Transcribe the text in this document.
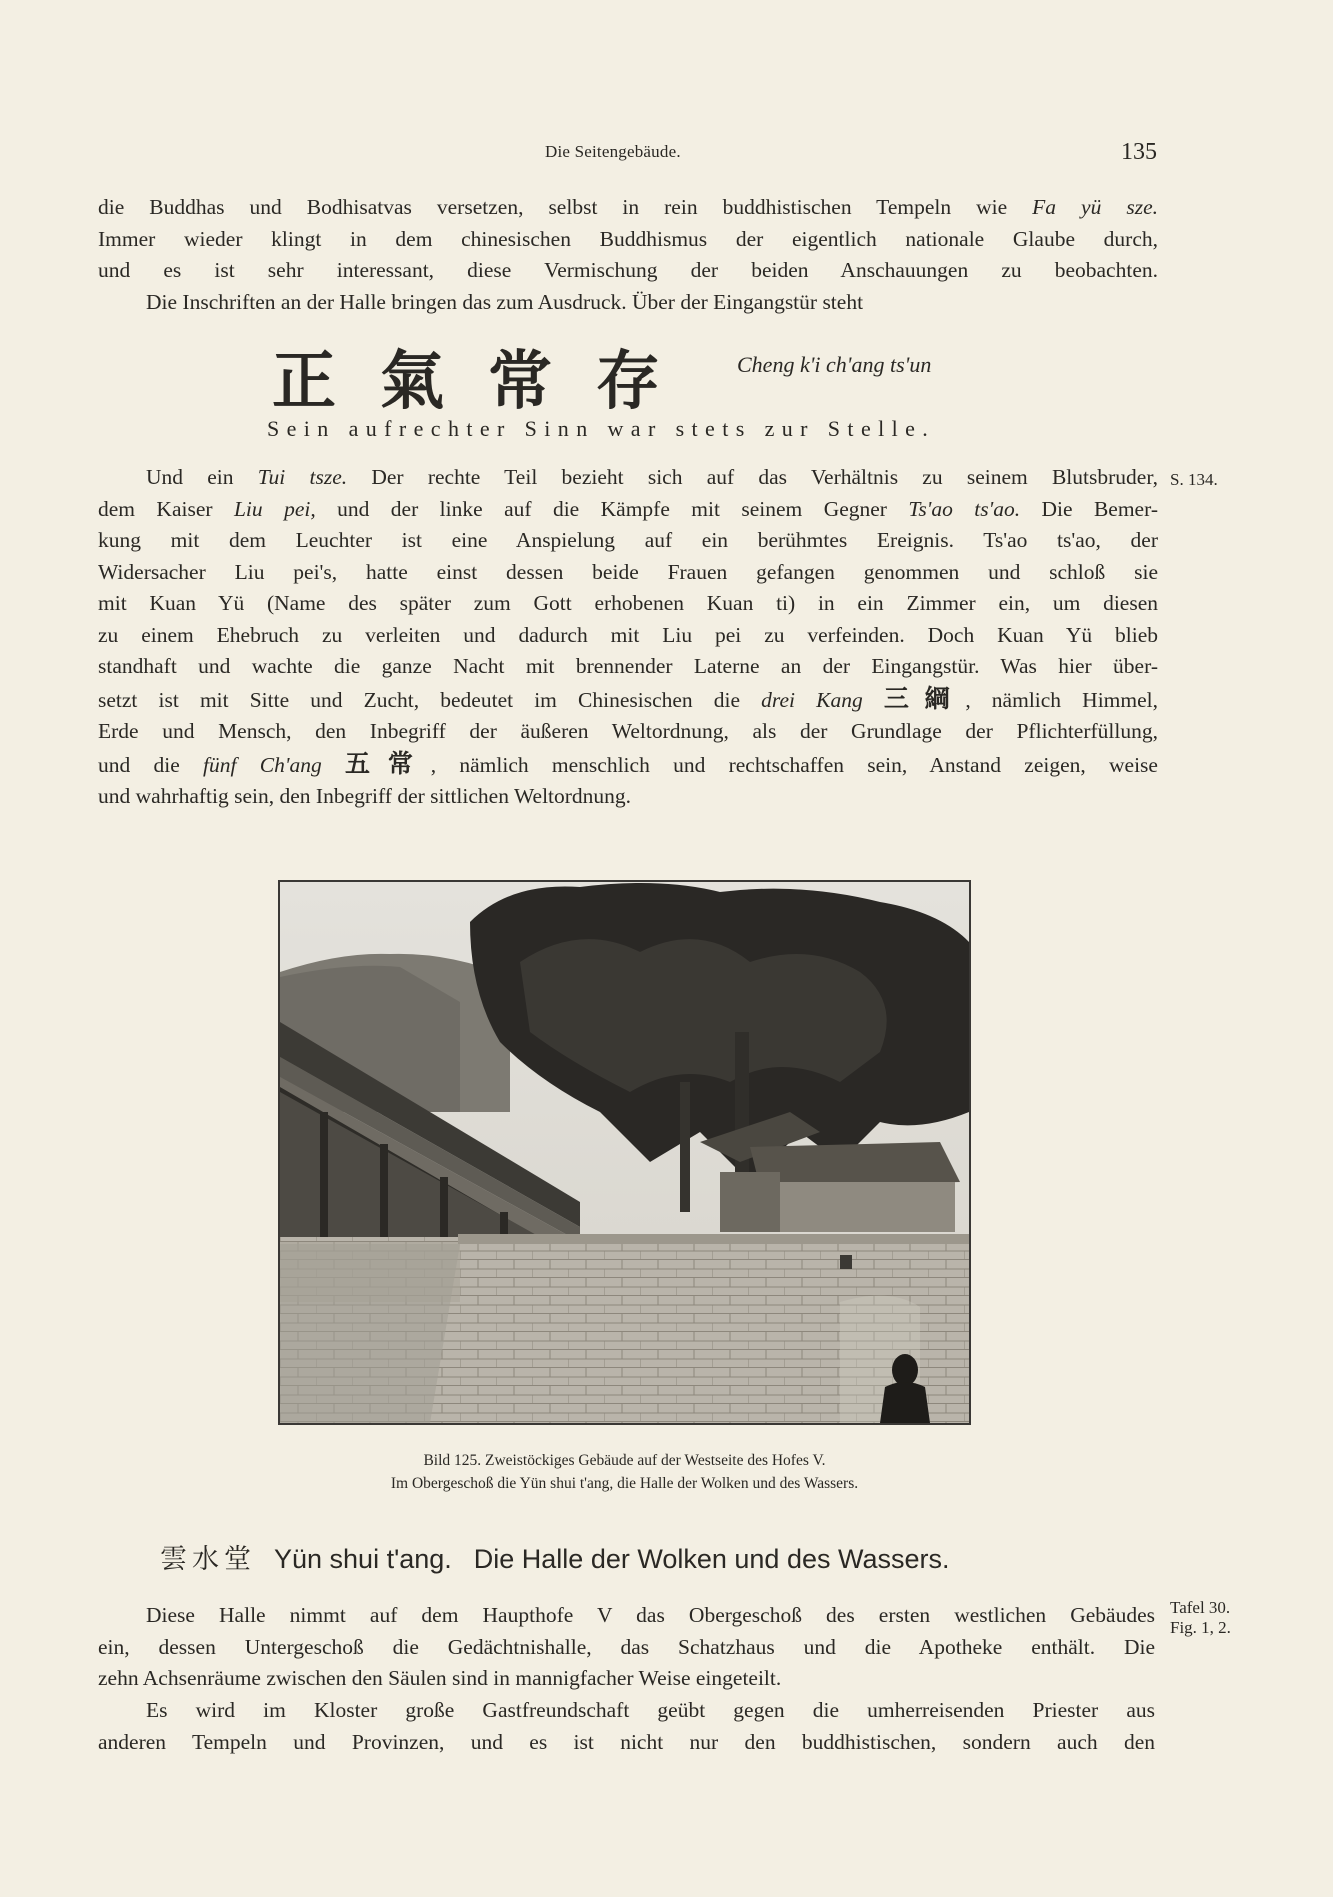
Die Seitengebäude.	135
die Buddhas und Bodhisatvas versetzen, selbst in rein buddhistischen Tempeln wie Fa yü sze.
Immer wieder klingt in dem chinesischen Buddhismus der eigentlich nationale Glaube durch,
und es ist sehr interessant, diese Vermischung der beiden Anschauungen zu beobachten.
Die Inschriften an der Halle bringen das zum Ausdruck. Über der Eingangstür steht
正氣常存 Cheng k'i ch'ang ts'un
Sein aufrechter Sinn war stets zur Stelle.
S. 134.
Und ein Tui tsze. Der rechte Teil bezieht sich auf das Verhältnis zu seinem Blutsbruder,
dem Kaiser Liu pei, und der linke auf die Kämpfe mit seinem Gegner Ts'ao ts'ao. Die Bemer-
kung mit dem Leuchter ist eine Anspielung auf ein berühmtes Ereignis. Ts'ao ts'ao, der
Widersacher Liu pei's, hatte einst dessen beide Frauen gefangen genommen und schloß sie
mit Kuan Yü (Name des später zum Gott erhobenen Kuan ti) in ein Zimmer ein, um diesen
zu einem Ehebruch zu verleiten und dadurch mit Liu pei zu verfeinden. Doch Kuan Yü blieb
standhaft und wachte die ganze Nacht mit brennender Laterne an der Eingangstür. Was hier über-
setzt ist mit Sitte und Zucht, bedeutet im Chinesischen die drei Kang 三綱, nämlich Himmel,
Erde und Mensch, den Inbegriff der äußeren Weltordnung, als der Grundlage der Pflichterfüllung,
und die fünf Ch'ang 五常, nämlich menschlich und rechtschaffen sein, Anstand zeigen, weise
und wahrhaftig sein, den Inbegriff der sittlichen Weltordnung.
Bild 125. Zweistöckiges Gebäude auf der Westseite des Hofes V.
Im Obergeschoß die Yün shui t'ang, die Halle der Wolken und des Wassers.
雲水堂 Yün shui t'ang. Die Halle der Wolken und des Wassers.
Tafel 30.
Fig. 1, 2.
Diese Halle nimmt auf dem Haupthofe V das Obergeschoß des ersten westlichen Gebäudes
ein, dessen Untergeschoß die Gedächtnishalle, das Schatzhaus und die Apotheke enthält. Die
zehn Achsenräume zwischen den Säulen sind in mannigfacher Weise eingeteilt.
Es wird im Kloster große Gastfreundschaft geübt gegen die umherreisenden Priester aus
anderen Tempeln und Provinzen, und es ist nicht nur den buddhistischen, sondern auch den
